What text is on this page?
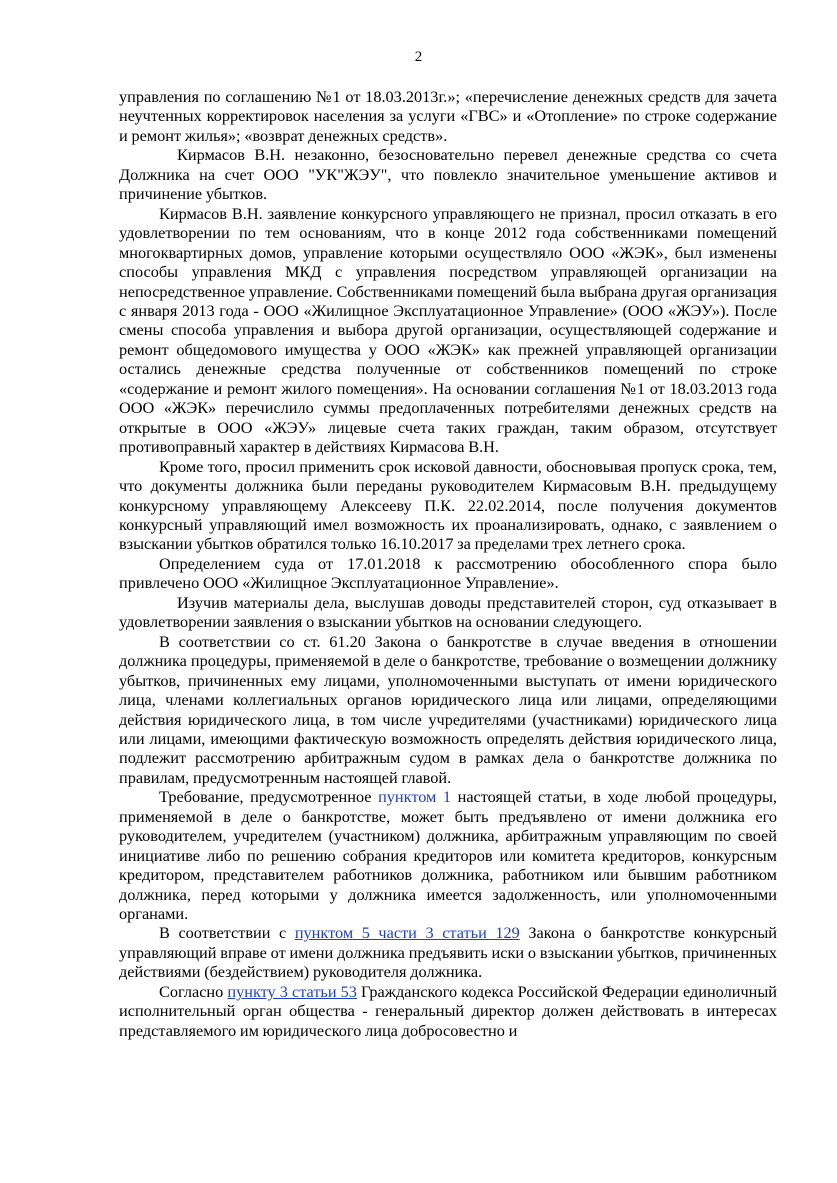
2

управления по соглашению №1 от 18.03.2013г.»; «перечисление денежных средств для зачета неучтенных корректировок населения за услуги «ГВС» и «Отопление» по строке содержание и ремонт жилья»; «возврат денежных средств».

Кирмасов В.Н. незаконно, безосновательно перевел денежные средства со счета Должника на счет ООО "УК"ЖЭУ", что повлекло значительное уменьшение активов и причинение убытков.

Кирмасов В.Н. заявление конкурсного управляющего не признал, просил отказать в его удовлетворении по тем основаниям, что в конце 2012 года собственниками помещений многоквартирных домов, управление которыми осуществляло ООО «ЖЭК», был изменены способы управления МКД с управления посредством управляющей организации на непосредственное управление. Собственниками помещений была выбрана другая организация с января 2013 года - ООО «Жилищное Эксплуатационное Управление» (ООО «ЖЭУ»). После смены способа управления и выбора другой организации, осуществляющей содержание и ремонт общедомового имущества у ООО «ЖЭК» как прежней управляющей организации остались денежные средства полученные от собственников помещений по строке «содержание и ремонт жилого помещения». На основании соглашения №1 от 18.03.2013 года ООО «ЖЭК» перечислило суммы предоплаченных потребителями денежных средств на открытые в ООО «ЖЭУ» лицевые счета таких граждан, таким образом, отсутствует противоправный характер в действиях Кирмасова В.Н.

Кроме того, просил применить срок исковой давности, обосновывая пропуск срока, тем, что документы должника были переданы руководителем Кирмасовым В.Н. предыдущему конкурсному управляющему Алексееву П.К. 22.02.2014, после получения документов конкурсный управляющий имел возможность их проанализировать, однако, с заявлением о взыскании убытков обратился только 16.10.2017 за пределами трех летнего срока.

Определением суда от 17.01.2018 к рассмотрению обособленного спора было привлечено ООО «Жилищное Эксплуатационное Управление».

Изучив материалы дела, выслушав доводы представителей сторон, суд отказывает в удовлетворении заявления о взыскании убытков на основании следующего.

В соответствии со ст. 61.20 Закона о банкротстве в случае введения в отношении должника процедуры, применяемой в деле о банкротстве, требование о возмещении должнику убытков, причиненных ему лицами, уполномоченными выступать от имени юридического лица, членами коллегиальных органов юридического лица или лицами, определяющими действия юридического лица, в том числе учредителями (участниками) юридического лица или лицами, имеющими фактическую возможность определять действия юридического лица, подлежит рассмотрению арбитражным судом в рамках дела о банкротстве должника по правилам, предусмотренным настоящей главой.

Требование, предусмотренное пунктом 1 настоящей статьи, в ходе любой процедуры, применяемой в деле о банкротстве, может быть предъявлено от имени должника его руководителем, учредителем (участником) должника, арбитражным управляющим по своей инициативе либо по решению собрания кредиторов или комитета кредиторов, конкурсным кредитором, представителем работников должника, работником или бывшим работником должника, перед которыми у должника имеется задолженность, или уполномоченными органами.

В соответствии с пунктом 5 части 3 статьи 129 Закона о банкротстве конкурсный управляющий вправе от имени должника предъявить иски о взыскании убытков, причиненных действиями (бездействием) руководителя должника.

Согласно пункту 3 статьи 53 Гражданского кодекса Российской Федерации единоличный исполнительный орган общества - генеральный директор должен действовать в интересах представляемого им юридического лица добросовестно и
